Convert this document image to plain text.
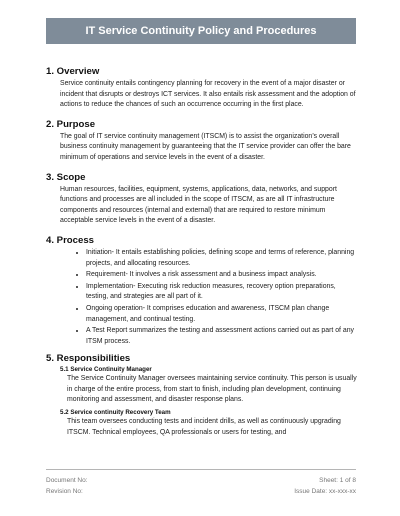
IT Service Continuity Policy and Procedures
1. Overview

Service continuity entails contingency planning for recovery in the event of a major disaster or incident that disrupts or destroys ICT services. It also entails risk assessment and the adoption of actions to reduce the chances of such an occurrence occurring in the first place.

2. Purpose

The goal of IT service continuity management (ITSCM) is to assist the organization’s overall business continuity management by guaranteeing that the IT service provider can offer the bare minimum of operations and service levels in the event of a disaster.

3. Scope

Human resources, facilities, equipment, systems, applications, data, networks, and support functions and processes are all included in the scope of ITSCM, as are all IT infrastructure components and resources (internal and external) that are required to restore minimum acceptable service levels in the event of a disaster.

4. Process
• Initiation- It entails establishing policies, defining scope and terms of reference, planning projects, and allocating resources.
• Requirement- It involves a risk assessment and a business impact analysis.
• Implementation- Executing risk reduction measures, recovery option preparations, testing, and strategies are all part of it.
• Ongoing operation- It comprises education and awareness, ITSCM plan change management, and continual testing.
• A Test Report summarizes the testing and assessment actions carried out as part of any ITSM process.
5. Responsibilities
5.1 Service Continuity Manager

The Service Continuity Manager oversees maintaining service continuity. This person is usually in charge of the entire process, from start to finish, including plan development, continuing monitoring and assessment, and disaster response plans.

5.2 Service continuity Recovery Team

This team oversees conducting tests and incident drills, as well as continuously upgrading ITSCM. Technical employees, QA professionals or users for testing, and

Document No:	Sheet: 1 of 8
Revision No:	Issue Date: xx-xxx-xx
